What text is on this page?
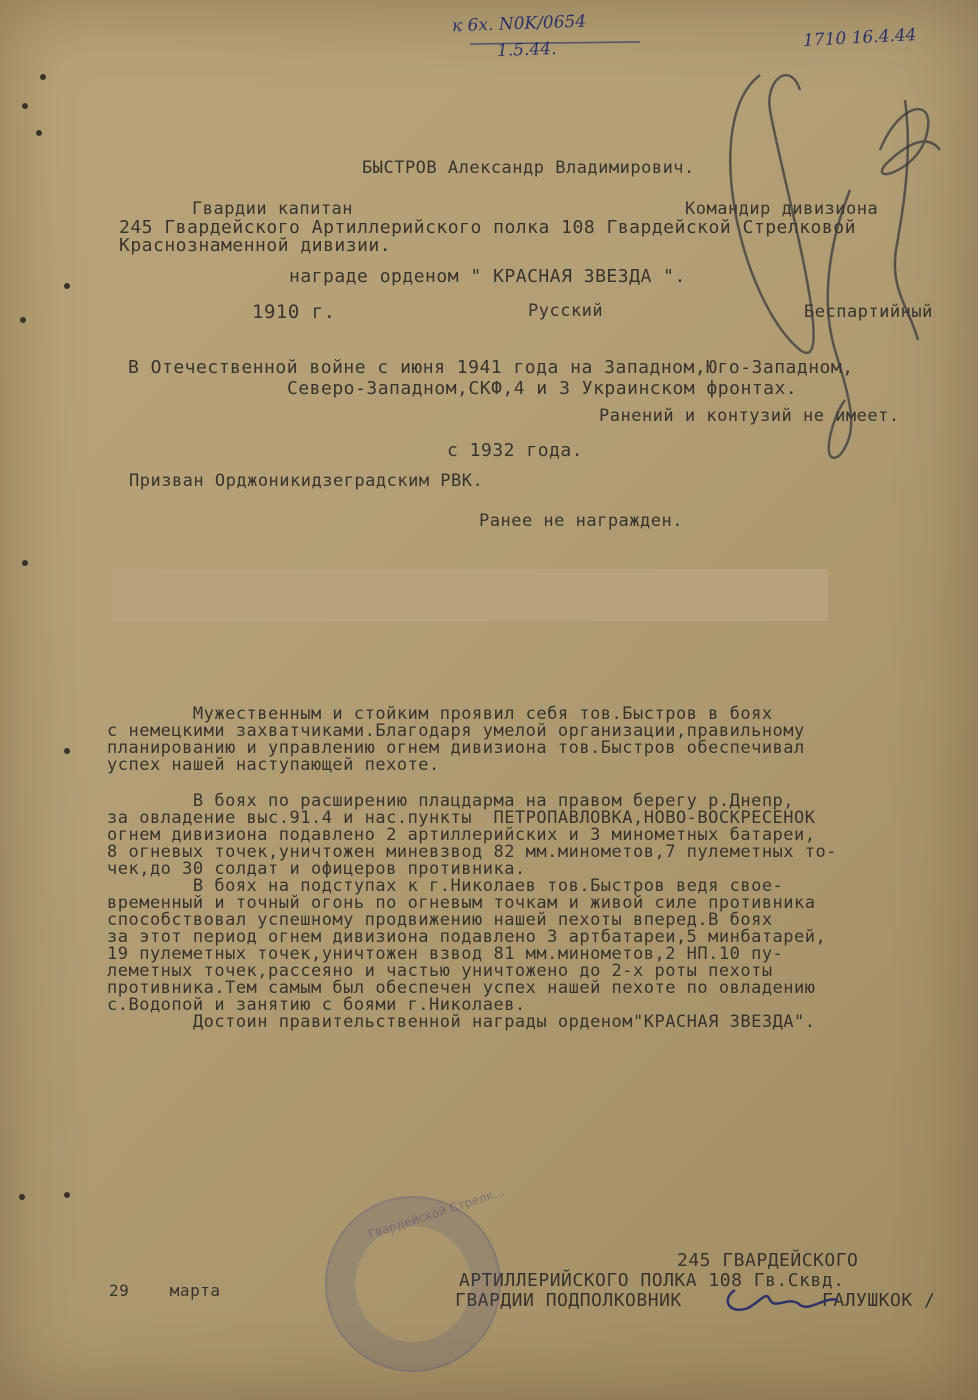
к 6х. N0K/0654
1.5.44.	1710 16.4.44
БЫСТРОВ Александр Владимирович.
Гвардии капитан	Командир дивизиона
245 Гвардейского Артиллерийского полка 108 Гвардейской Стрелковой
Краснознаменной дивизии.
награде орденом " КРАСНАЯ ЗВЕЗДА ".
1910 г.	Русский	Беспартийный
В Отечественной войне с июня 1941 года на Западном,Юго-Западном,
Северо-Западном,СКФ,4 и 3 Украинском фронтах.
Ранений и контузий не имеет.
с 1932 года.
Призван Орджоникидзеградским РВК.
Ранее не награжден.
Мужественным и стойким проявил себя тов.Быстров в боях
с немецкими захватчиками.Благодаря умелой организации,правильному
планированию и управлению огнем дивизиона тов.Быстров обеспечивал
успех нашей наступающей пехоте.
В боях по расширению плацдарма на правом берегу р.Днепр,
за овладение выс.91.4 и нас.пункты  ПЕТРОПАВЛОВКА,НОВО-ВОСКРЕСЕНОК
огнем дивизиона подавлено 2 артиллерийских и 3 минометных батареи,
8 огневых точек,уничтожен миневзвод 82 мм.минометов,7 пулеметных то-
чек,до 30 солдат и офицеров противника.
В боях на подступах к г.Николаев тов.Быстров ведя свое-
временный и точный огонь по огневым точкам и живой силе противника
способствовал успешному продвижению нашей пехоты вперед.В боях
за этот период огнем дивизиона подавлено 3 артбатареи,5 минбатарей,
19 пулеметных точек,уничтожен взвод 81 мм.минометов,2 НП.10 пу-
леметных точек,рассеяно и частью уничтожено до 2-х роты пехоты
противника.Тем самым был обеспечен успех нашей пехоте по овладению
с.Водопой и занятию с боями г.Николаев.
Достоин правительственной награды орденом"КРАСНАЯ ЗВЕЗДА".
29    марта
245 ГВАРДЕЙСКОГО
АРТИЛЛЕРИЙСКОГО ПОЛКА 108 Гв.Сквд.
ГВАРДИИ ПОДПОЛКОВНИК	ГАЛУШКОК /
Гвардейской Стрелк...
